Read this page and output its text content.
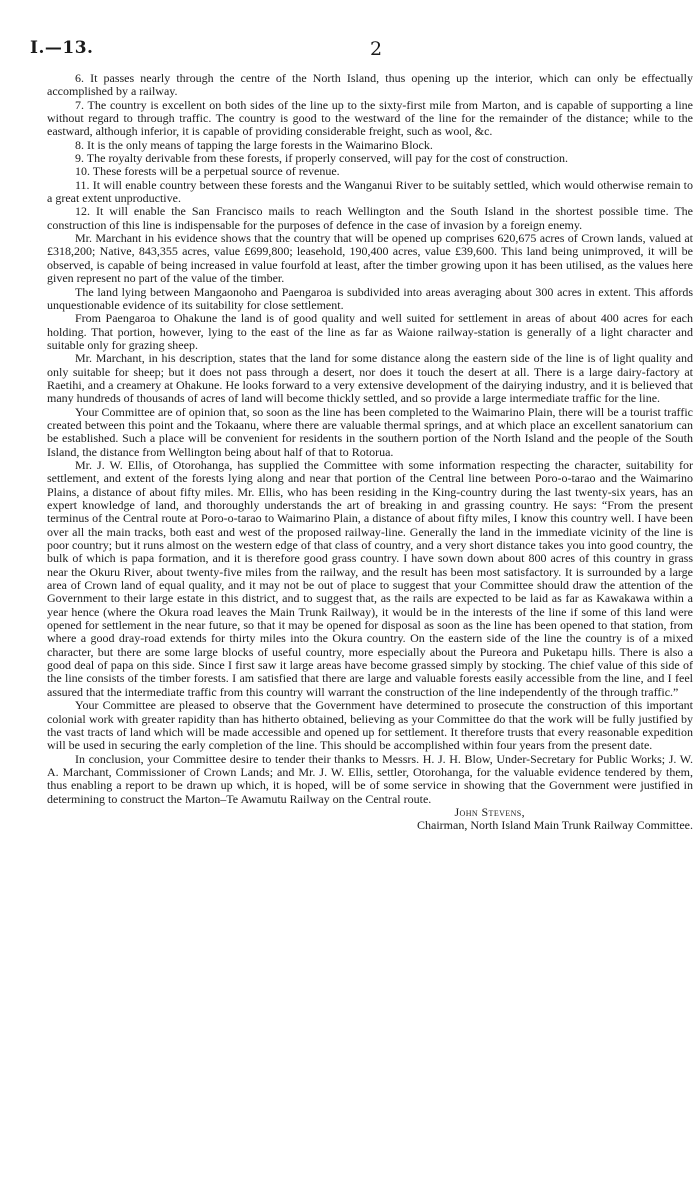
I.—13.	2

6. It passes nearly through the centre of the North Island, thus opening up the interior, which can only be effectually accomplished by a railway.

7. The country is excellent on both sides of the line up to the sixty-first mile from Marton, and is capable of supporting a line without regard to through traffic. The country is good to the westward of the line for the remainder of the distance; while to the eastward, although inferior, it is capable of providing considerable freight, such as wool, &c.

8. It is the only means of tapping the large forests in the Waimarino Block.

9. The royalty derivable from these forests, if properly conserved, will pay for the cost of construction.

10. These forests will be a perpetual source of revenue.

11. It will enable country between these forests and the Wanganui River to be suitably settled, which would otherwise remain to a great extent unproductive.

12. It will enable the San Francisco mails to reach Wellington and the South Island in the shortest possible time. The construction of this line is indispensable for the purposes of defence in the case of invasion by a foreign enemy.

Mr. Marchant in his evidence shows that the country that will be opened up comprises 620,675 acres of Crown lands, valued at £318,200; Native, 843,355 acres, value £699,800; leasehold, 190,400 acres, value £39,600. This land being unimproved, it will be observed, is capable of being increased in value fourfold at least, after the timber growing upon it has been utilised, as the values here given represent no part of the value of the timber.

The land lying between Mangaonoho and Paengaroa is subdivided into areas averaging about 300 acres in extent. This affords unquestionable evidence of its suitability for close settlement.

From Paengaroa to Ohakune the land is of good quality and well suited for settlement in areas of about 400 acres for each holding. That portion, however, lying to the east of the line as far as Waione railway-station is generally of a light character and suitable only for grazing sheep.

Mr. Marchant, in his description, states that the land for some distance along the eastern side of the line is of light quality and only suitable for sheep; but it does not pass through a desert, nor does it touch the desert at all. There is a large dairy-factory at Raetihi, and a creamery at Ohakune. He looks forward to a very extensive development of the dairying industry, and it is believed that many hundreds of thousands of acres of land will become thickly settled, and so provide a large intermediate traffic for the line.

Your Committee are of opinion that, so soon as the line has been completed to the Waimarino Plain, there will be a tourist traffic created between this point and the Tokaanu, where there are valuable thermal springs, and at which place an excellent sanatorium can be established. Such a place will be convenient for residents in the southern portion of the North Island and the people of the South Island, the distance from Wellington being about half of that to Rotorua.

Mr. J. W. Ellis, of Otorohanga, has supplied the Committee with some information respecting the character, suitability for settlement, and extent of the forests lying along and near that portion of the Central line between Poro-o-tarao and the Waimarino Plains, a distance of about fifty miles. Mr. Ellis, who has been residing in the King-country during the last twenty-six years, has an expert knowledge of land, and thoroughly understands the art of breaking in and grassing country. He says: “From the present terminus of the Central route at Poro-o-tarao to Waimarino Plain, a distance of about fifty miles, I know this country well. I have been over all the main tracks, both east and west of the proposed railway-line. Generally the land in the immediate vicinity of the line is poor country; but it runs almost on the western edge of that class of country, and a very short distance takes you into good country, the bulk of which is papa formation, and it is therefore good grass country. I have sown down about 800 acres of this country in grass near the Okuru River, about twenty-five miles from the railway, and the result has been most satisfactory. It is surrounded by a large area of Crown land of equal quality, and it may not be out of place to suggest that your Committee should draw the attention of the Government to their large estate in this district, and to suggest that, as the rails are expected to be laid as far as Kawakawa within a year hence (where the Okura road leaves the Main Trunk Railway), it would be in the interests of the line if some of this land were opened for settlement in the near future, so that it may be opened for disposal as soon as the line has been opened to that station, from where a good dray-road extends for thirty miles into the Okura country. On the eastern side of the line the country is of a mixed character, but there are some large blocks of useful country, more especially about the Pureora and Puketapu hills. There is also a good deal of papa on this side. Since I first saw it large areas have become grassed simply by stocking. The chief value of this side of the line consists of the timber forests. I am satisfied that there are large and valuable forests easily accessible from the line, and I feel assured that the intermediate traffic from this country will warrant the construction of the line independently of the through traffic.”

Your Committee are pleased to observe that the Government have determined to prosecute the construction of this important colonial work with greater rapidity than has hitherto obtained, believing as your Committee do that the work will be fully justified by the vast tracts of land which will be made accessible and opened up for settlement. It therefore trusts that every reasonable expedition will be used in securing the early completion of the line. This should be accomplished within four years from the present date.

In conclusion, your Committee desire to tender their thanks to Messrs. H. J. H. Blow, Under-Secretary for Public Works; J. W. A. Marchant, Commissioner of Crown Lands; and Mr. J. W. Ellis, settler, Otorohanga, for the valuable evidence tendered by them, thus enabling a report to be drawn up which, it is hoped, will be of some service in showing that the Government were justified in determining to construct the Marton–Te Awamutu Railway on the Central route.

John Stevens,
Chairman, North Island Main Trunk Railway Committee.
